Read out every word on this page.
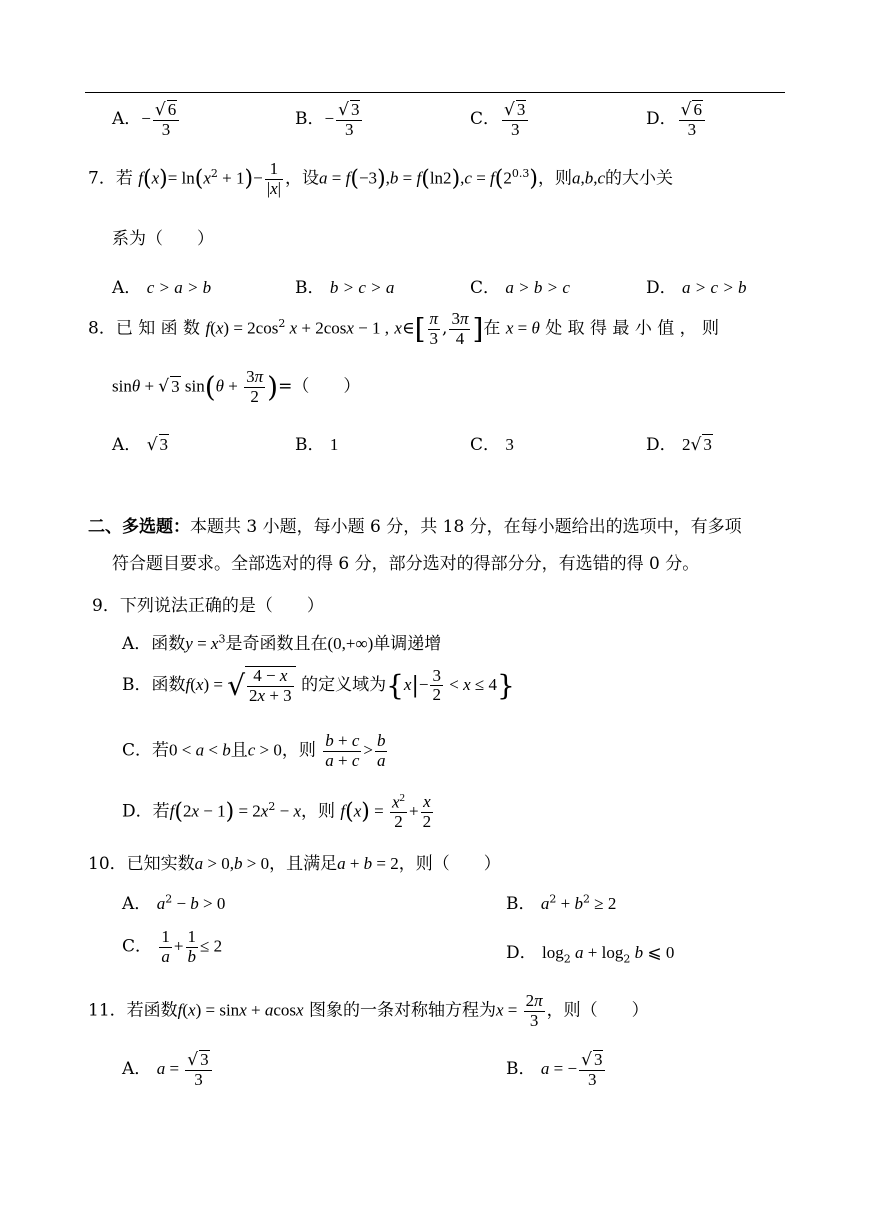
A．− $\frac{√ 6}{3}$	B．− $\frac{√ 3}{3}$	C． $\frac{√ 3}{3}$	D． $\frac{√ 6}{3}$
7．若 $f(x)= \ln(x^2 + 1)- \frac{1}{|x|}$ ，设$a = f(-3),b = f(\ln 2),c = f(2^{0.3})$，则a,b,c的大小关
系为（　　）
A． c > a > b	B． b > c > a	C． a > b > c	D． a > c > b
8．已 知 函 数 $f(x) = 2\cos^2$ x + 2cosx − 1 , x∈[ $\frac{\pi}{3}$ , $\frac{3\pi}{4}$ ]在 x = θ 处 取 得 最 小 值 ， 则
sinθ + √ 3 $\sin(\theta + \frac{3\pi}{2}$ )=（　　）
A． √ 3	B． 1	C． 3	D． 2√ 3
二、多选题：本题共 3 小题，每小题 6 分，共 18 分，在每小题给出的选项中，有多项
符合题目要求。全部选对的得 6 分，部分选对的得部分分，有选错的得 0 分。
9．下列说法正确的是（　　）
A．函数$y = x^3$是奇函数且在(0,+∞)单调递增
B．函数f(x) = √ $\frac{4 - x}{2x + 3}$ 的定义域为$\{x|- \frac{3}{2} < x \le 4\}$
C．若0 < a < b且c > 0，则 $\frac{b + c}{a + c} > \frac{b}{a}$
D．若$f(2x - 1) = 2x^2 - x$，则 $f(x) = \frac{x^2}{2} + \frac{x}{2}$
10．已知实数a > 0,b > 0，且满足a + b = 2，则（　　）
A． $a^2 - b > 0$	B． $a^2 + b^2 \ge 2$
C． $\frac{1}{a} + \frac{1}{b} \le 2$	D． $\log_2 a + \log_2 b$ ⩽ 0
11．若函数f(x) = sinx + acosx 图象的一条对称轴方程为$x = \frac{2\pi}{3}$ ，则（　　）
A． $a = \frac{√ 3}{3}$	B． a = − $\frac{√ 3}{3}$
